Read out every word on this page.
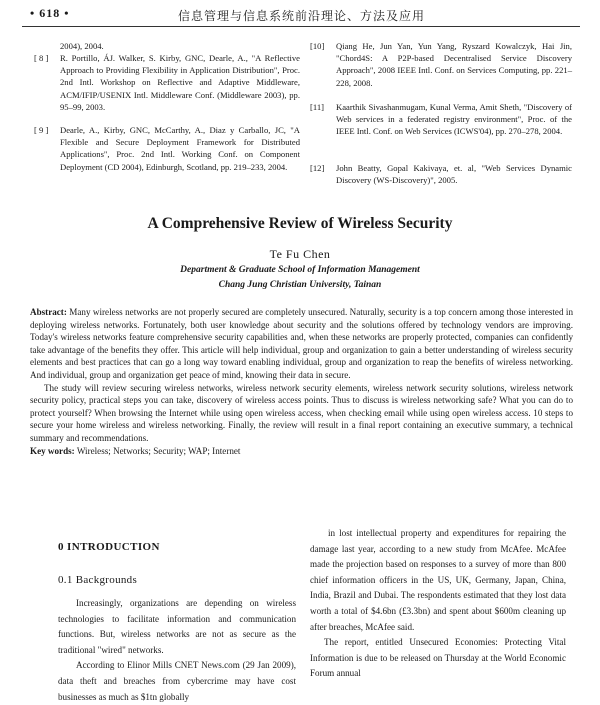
• 618 •	信息管理与信息系统前沿理论、方法及应用
2004), 2004.
[ 8 ] R. Portillo, ÁJ. Walker, S. Kirby, GNC, Dearle, A., "A Reflective Approach to Providing Flexibility in Application Distribution", Proc. 2nd Intl. Workshop on Reflective and Adaptive Middleware, ACM/IFIP/USENIX Intl. Middleware Conf. (Middleware 2003), pp. 95–99, 2003.
[ 9 ] Dearle, A., Kirby, GNC, McCarthy, A., Diaz y Carballo, JC, "A Flexible and Secure Deployment Framework for Distributed Applications", Proc. 2nd Intl. Working Conf. on Component Deployment (CD 2004), Edinburgh, Scotland, pp. 219–233, 2004.
[10] Qiang He, Jun Yan, Yun Yang, Ryszard Kowalczyk, Hai Jin, "Chord4S: A P2P-based Decentralised Service Discovery Approach", 2008 IEEE Intl. Conf. on Services Computing, pp. 221–228, 2008.
[11] Kaarthik Sivashanmugam, Kunal Verma, Amit Sheth, "Discovery of Web services in a federated registry environment", Proc. of the IEEE Intl. Conf. on Web Services (ICWS'04), pp. 270–278, 2004.
[12] John Beatty, Gopal Kakivaya, et. al, "Web Services Dynamic Discovery (WS-Discovery)", 2005.
A Comprehensive Review of Wireless Security
Te Fu Chen
Department & Graduate School of Information Management
Chang Jung Christian University, Tainan

Abstract: Many wireless networks are not properly secured are completely unsecured. Naturally, security is a top concern among those interested in deploying wireless networks. Fortunately, both user knowledge about security and the solutions offered by technology vendors are improving. Today's wireless networks feature comprehensive security capabilities and, when these networks are properly protected, companies can confidently take advantage of the benefits they offer. This article will help individual, group and organization to gain a better understanding of wireless security elements and best practices that can go a long way toward enabling individual, group and organization to reap the benefits of wireless networking. And individual, group and organization get peace of mind, knowing their data in secure.

The study will review securing wireless networks, wireless network security elements, wireless network security solutions, wireless network security policy, practical steps you can take, discovery of wireless access points. Thus to discuss is wireless networking safe? What you can do to protect yourself? When browsing the Internet while using open wireless access, when checking email while using open wireless access. 10 steps to secure your home wireless and wireless networking. Finally, the review will result in a final report containing an executive summary, a technical summary and recommendations.

Key words: Wireless; Networks; Security; WAP; Internet

0 INTRODUCTION
0.1 Backgrounds

Increasingly, organizations are depending on wireless technologies to facilitate information and communication functions. But, wireless networks are not as secure as the traditional "wired" networks.

According to Elinor Mills CNET News.com (29 Jan 2009), data theft and breaches from cybercrime may have cost businesses as much as $1tn globally

in lost intellectual property and expenditures for repairing the damage last year, according to a new study from McAfee. McAfee made the projection based on responses to a survey of more than 800 chief information officers in the US, UK, Germany, Japan, China, India, Brazil and Dubai. The respondents estimated that they lost data worth a total of $4.6bn (£3.3bn) and spent about $600m cleaning up after breaches, McAfee said.

The report, entitled Unsecured Economies: Protecting Vital Information is due to be released on Thursday at the World Economic Forum annual
